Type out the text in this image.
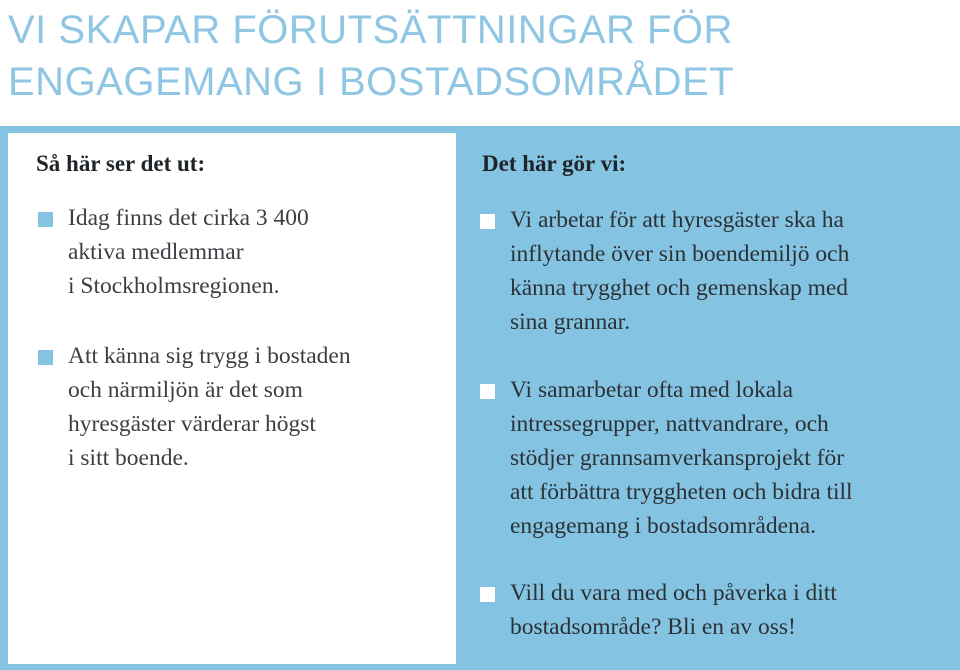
VI SKAPAR FÖRUTSÄTTNINGAR FÖR
ENGAGEMANG I BOSTADSOMRÅDET
Så här ser det ut:
Idag finns det cirka 3 400
aktiva medlemmar
i Stockholmsregionen.
Att känna sig trygg i bostaden
och närmiljön är det som
hyresgäster värderar högst
i sitt boende.
Det här gör vi:
Vi arbetar för att hyresgäster ska ha
inflytande över sin boendemiljö och
känna trygghet och gemenskap med
sina grannar.
Vi samarbetar ofta med lokala
intressegrupper, nattvandrare, och
stödjer grannsamverkansprojekt för
att förbättra tryggheten och bidra till
engagemang i bostadsområdena.
Vill du vara med och påverka i ditt
bostadsområde? Bli en av oss!
